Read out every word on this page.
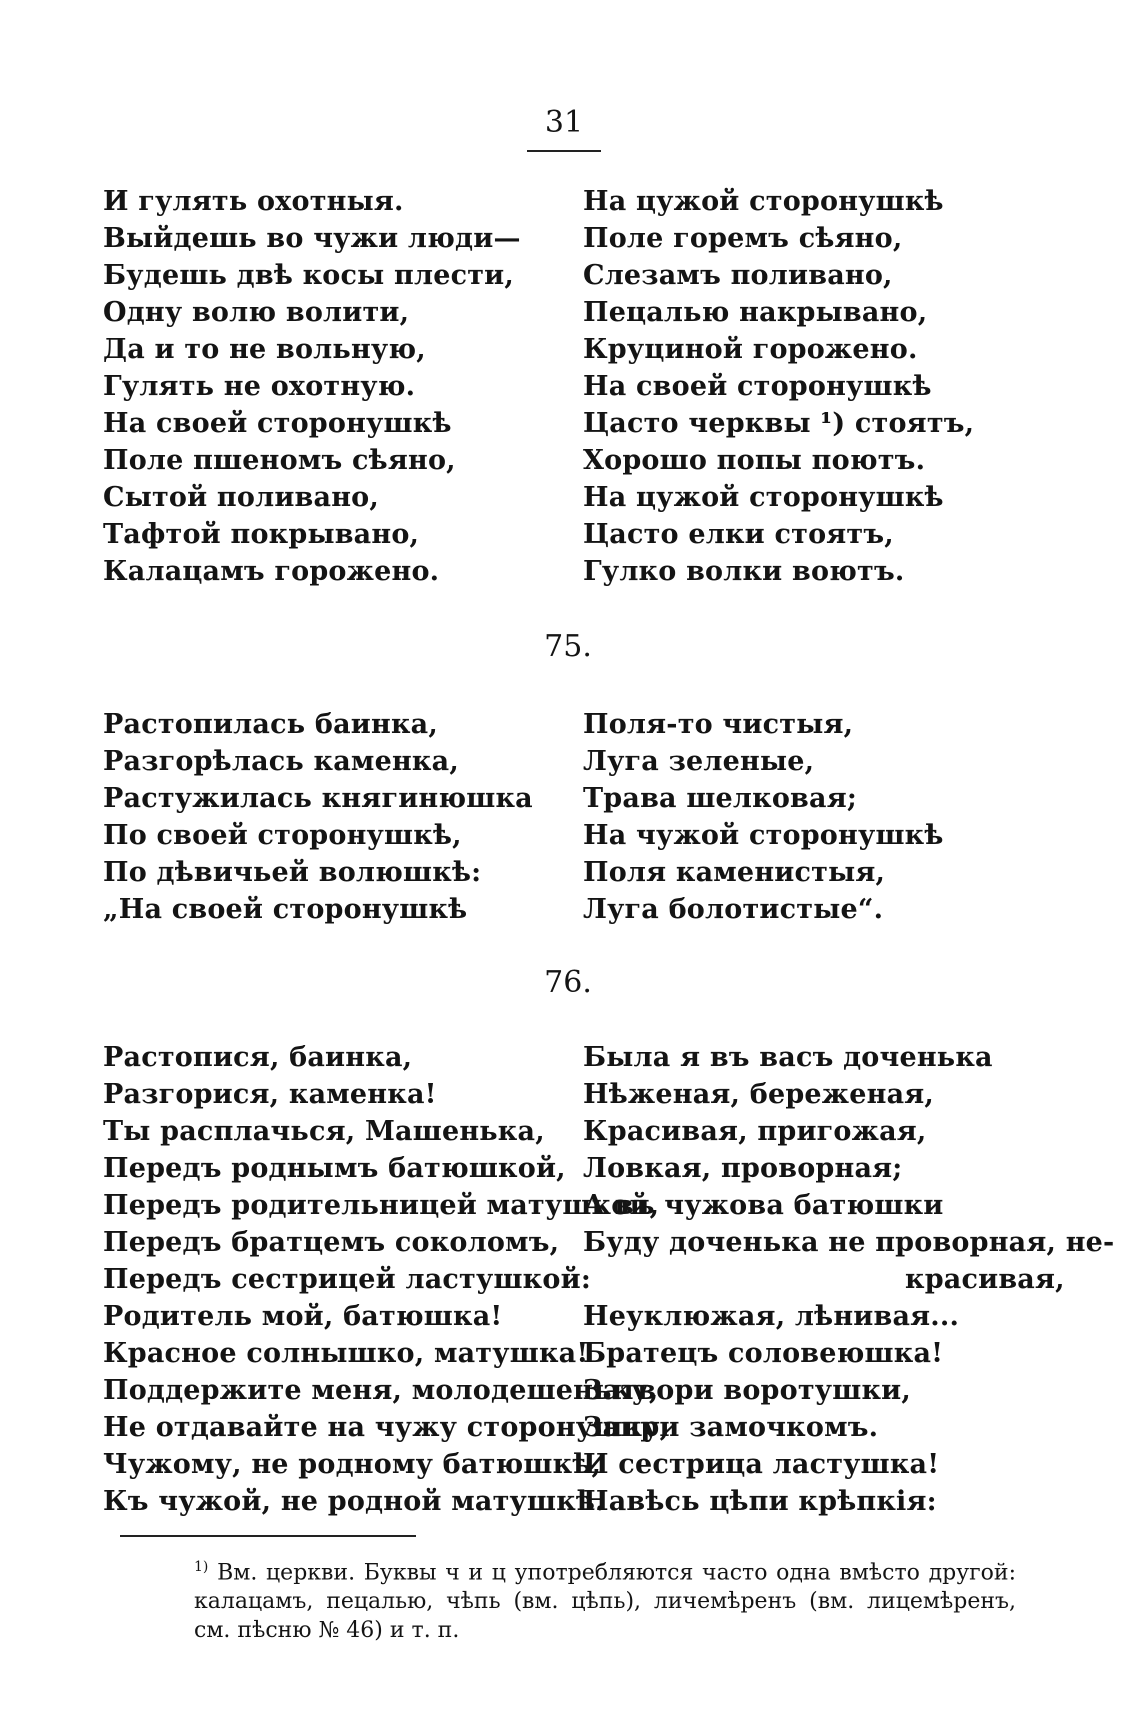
31
И гулять охотныя.
Выйдешь во чужи люди—
Будешь двѣ косы плести,
Одну волю волити,
Да и то не вольную,
Гулять не охотную.
На своей сторонушкѣ
Поле пшеномъ сѣяно,
Сытой поливано,
Тафтой покрывано,
Калацамъ горожено.
На цужой сторонушкѣ
Поле горемъ сѣяно,
Слезамъ поливано,
Пецалью накрывано,
Круциной горожено.
На своей сторонушкѣ
Цасто черквы ¹) стоятъ,
Хорошо попы поютъ.
На цужой сторонушкѣ
Цасто елки стоятъ,
Гулко волки воютъ.
75.
Растопилась баинка,
Разгорѣлась каменка,
Растужилась княгинюшка
По своей сторонушкѣ,
По дѣвичьей волюшкѣ:
„На своей сторонушкѣ
Поля-то чистыя,
Луга зеленые,
Трава шелковая;
На чужой сторонушкѣ
Поля каменистыя,
Луга болотистые“.
76.
Растопися, баинка,
Разгорися, каменка!
Ты расплачься, Машенька,
Передъ роднымъ батюшкой,
Передъ родительницей матушкой,
Передъ братцемъ соколомъ,
Передъ сестрицей ластушкой:
Родитель мой, батюшка!
Красное солнышко, матушка!
Поддержите меня, молодешеньку,
Не отдавайте на чужу сторонушку,
Чужому, не родному батюшкѣ,
Къ чужой, не родной матушкѣ.
Была я въ васъ доченька
Нѣженая, береженая,
Красивая, пригожая,
Ловкая, проворная;
А въ чужова батюшки
Буду доченька не проворная, не-
красивая,
Неуклюжая, лѣнивая...
Братецъ соловеюшка!
Затвори воротушки,
Запри замочкомъ.
И сестрица ластушка!
Навѣсь цѣпи крѣпкія:

$^{1)}$ Вм. церкви. Буквы ч и ц употребляются часто одна вмѣсто другой: калацамъ, пецалью, чѣпь (вм. цѣпь), личемѣренъ (вм. лицемѣренъ, см. пѣсню № 46) и т. п.
